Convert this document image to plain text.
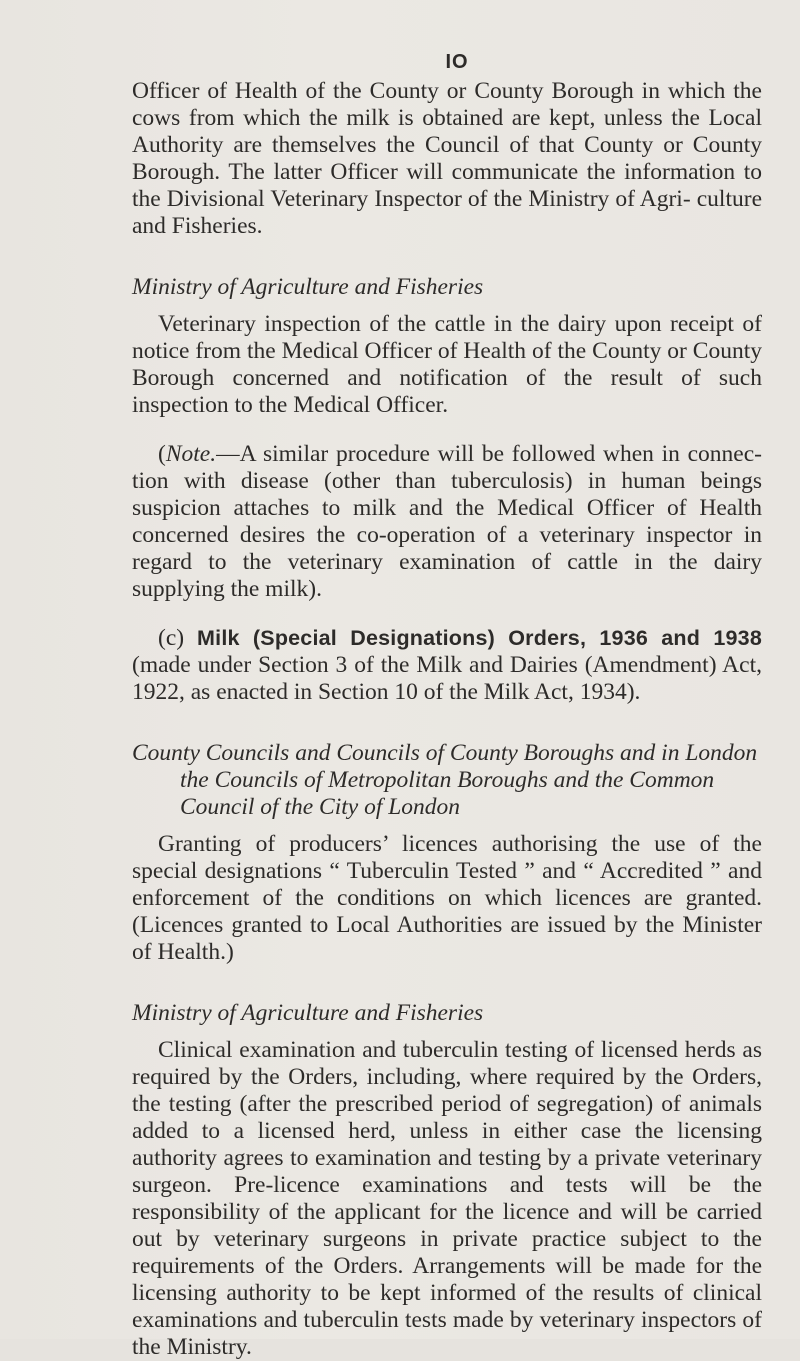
IO

Officer of Health of the County or County Borough in which the cows from which the milk is obtained are kept, unless the Local Authority are themselves the Council of that County or County Borough. The latter Officer will communicate the information to the Divisional Veterinary Inspector of the Ministry of Agri- culture and Fisheries.

Ministry of Agriculture and Fisheries

Veterinary inspection of the cattle in the dairy upon receipt of notice from the Medical Officer of Health of the County or County Borough concerned and notification of the result of such inspection to the Medical Officer.

(Note.—A similar procedure will be followed when in connec- tion with disease (other than tuberculosis) in human beings suspicion attaches to milk and the Medical Officer of Health concerned desires the co-operation of a veterinary inspector in regard to the veterinary examination of cattle in the dairy supplying the milk).

(c) Milk (Special Designations) Orders, 1936 and 1938 (made under Section 3 of the Milk and Dairies (Amendment) Act, 1922, as enacted in Section 10 of the Milk Act, 1934).

County Councils and Councils of County Boroughs and in London the Councils of Metropolitan Boroughs and the Common Council of the City of London

Granting of producers’ licences authorising the use of the special designations “ Tuberculin Tested ” and “ Accredited ” and enforcement of the conditions on which licences are granted. (Licences granted to Local Authorities are issued by the Minister of Health.)

Ministry of Agriculture and Fisheries

Clinical examination and tuberculin testing of licensed herds as required by the Orders, including, where required by the Orders, the testing (after the prescribed period of segregation) of animals added to a licensed herd, unless in either case the licensing authority agrees to examination and testing by a private veterinary surgeon. Pre-licence examinations and tests will be the responsibility of the applicant for the licence and will be carried out by veterinary surgeons in private practice subject to the requirements of the Orders. Arrangements will be made for the licensing authority to be kept informed of the results of clinical examinations and tuberculin tests made by veterinary inspectors of the Ministry.
